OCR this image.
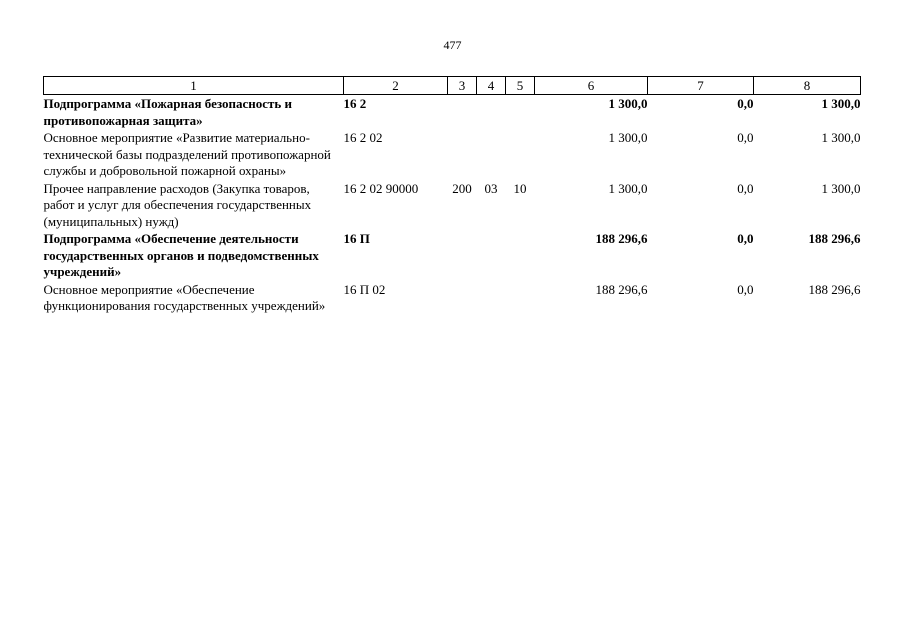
477
1	2	3	4	5	6	7	8
Подпрограмма «Пожарная безопасность и противопожарная защита»	16 2				1 300,0	0,0	1 300,0
Основное мероприятие «Развитие материально-технической базы подразделений противопожарной службы и добровольной пожарной охраны»	16 2 02				1 300,0	0,0	1 300,0
Прочее направление расходов (Закупка товаров, работ и услуг для обеспечения государственных (муниципальных) нужд)	16 2 02 90000	200	03	10	1 300,0	0,0	1 300,0
Подпрограмма «Обеспечение деятельности государственных органов и подведомственных учреждений»	16 П				188 296,6	0,0	188 296,6
Основное мероприятие «Обеспечение функционирования государственных учреждений»	16 П 02				188 296,6	0,0	188 296,6
